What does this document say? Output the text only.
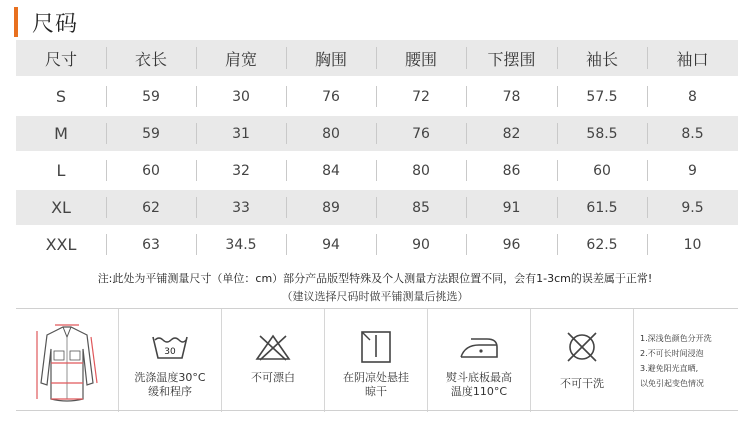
尺码
尺寸	衣长	肩宽	胸围	腰围	下摆围	袖长	袖口
S	59	30	76	72	78	57.5	8
M	59	31	80	76	82	58.5	8.5
L	60	32	84	80	86	60	9
XL	62	33	89	85	91	61.5	9.5
XXL	63	34.5	94	90	96	62.5	10
注:此处为平铺测量尺寸（单位：cm）部分产品版型特殊及个人测量方法跟位置不同，会有1-3cm的误差属于正常!
（建议选择尺码时做平铺测量后挑选）
30
洗涤温度30°C
缓和程序
不可漂白	在阴凉处悬挂
晾干
熨斗底板最高
温度110°C
不可干洗
1.深浅色颜色分开洗
2.不可长时间浸泡
3.避免阳光直晒,
以免引起变色情况
